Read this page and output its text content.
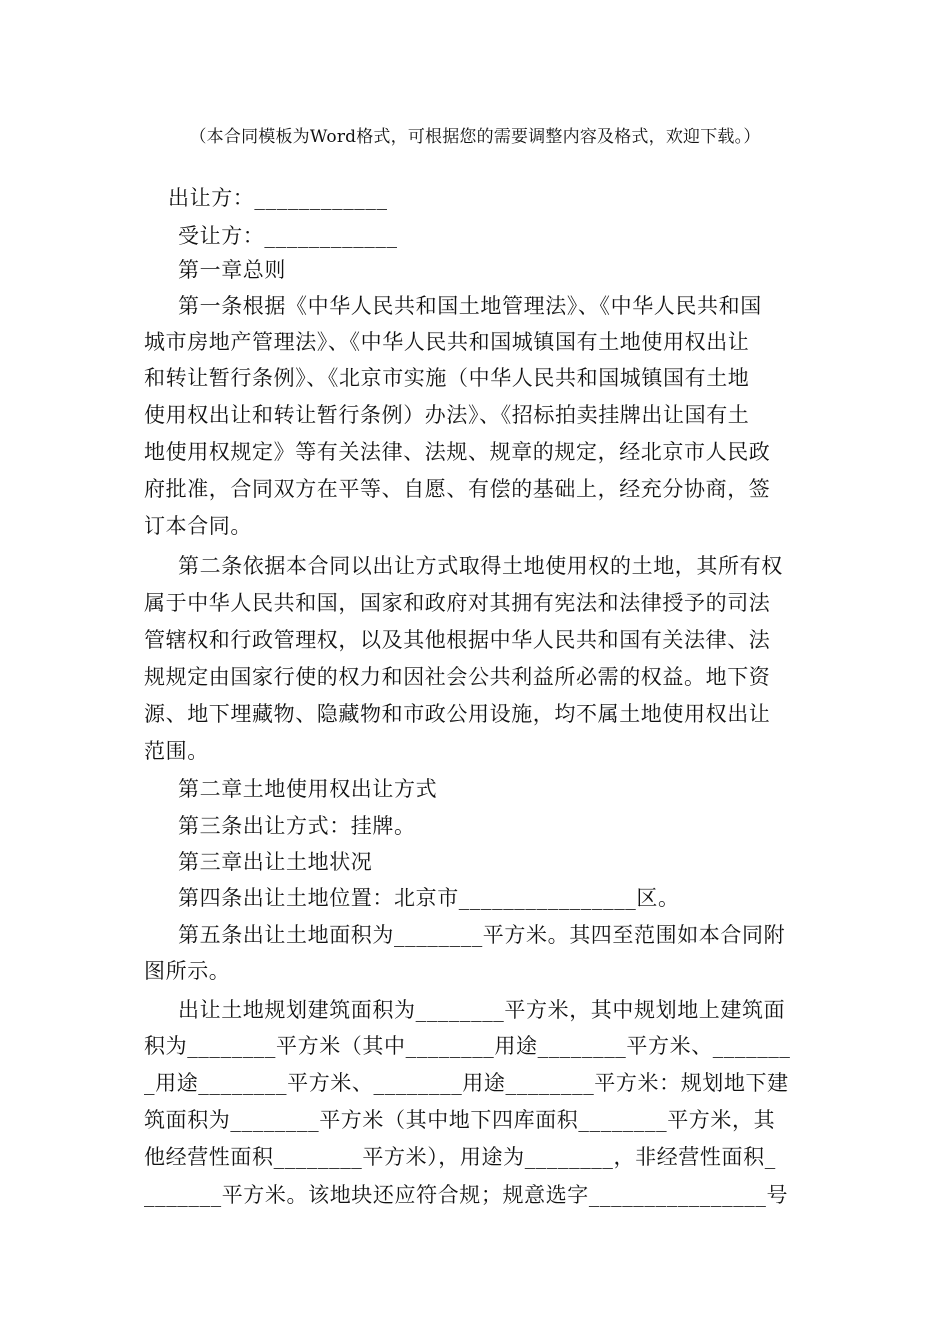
（本合同模板为Word格式，可根据您的需要调整内容及格式，欢迎下载。）
出让方：____________
受让方：____________
第一章总则
第一条根据《中华人民共和国土地管理法》、《中华人民共和国
城市房地产管理法》、《中华人民共和国城镇国有土地使用权出让
和转让暂行条例》、《北京市实施（中华人民共和国城镇国有土地
使用权出让和转让暂行条例）办法》、《招标拍卖挂牌出让国有土
地使用权规定》等有关法律、法规、规章的规定，经北京市人民政
府批准，合同双方在平等、自愿、有偿的基础上，经充分协商，签
订本合同。
第二条依据本合同以出让方式取得土地使用权的土地，其所有权
属于中华人民共和国，国家和政府对其拥有宪法和法律授予的司法
管辖权和行政管理权，以及其他根据中华人民共和国有关法律、法
规规定由国家行使的权力和因社会公共利益所必需的权益。地下资
源、地下埋藏物、隐藏物和市政公用设施，均不属土地使用权出让
范围。
第二章土地使用权出让方式
第三条出让方式：挂牌。
第三章出让土地状况
第四条出让土地位置：北京市________________区。
第五条出让土地面积为________平方米。其四至范围如本合同附
图所示。
出让土地规划建筑面积为________平方米，其中规划地上建筑面
积为________平方米（其中________用途________平方米、_______
_用途________平方米、________用途________平方米：规划地下建
筑面积为________平方米（其中地下四库面积________平方米，其
他经营性面积________平方米），用途为________，非经营性面积_
_______平方米。该地块还应符合规；规意选字________________号
